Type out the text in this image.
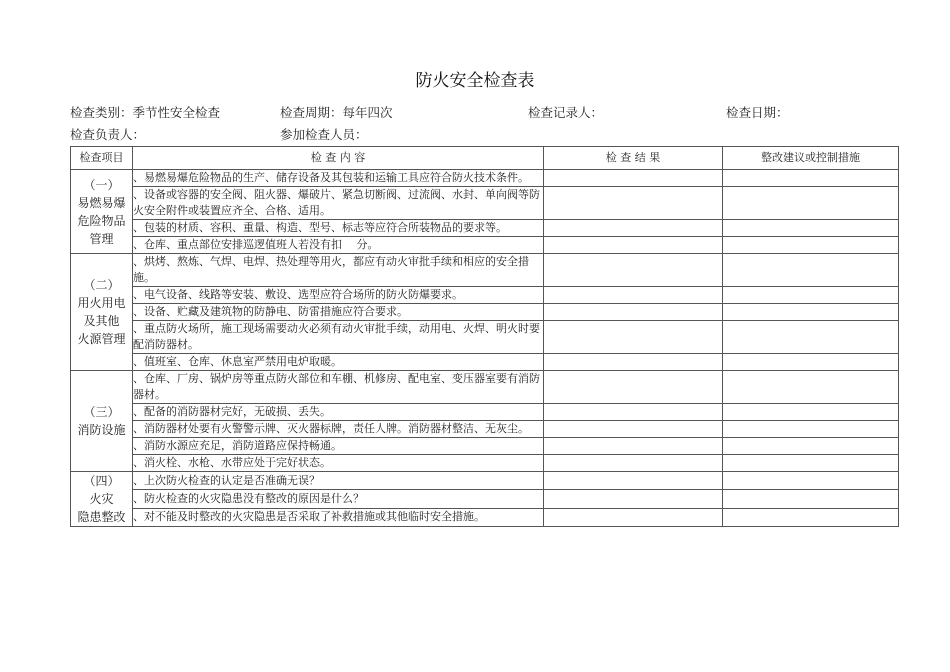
防火安全检查表
检查类别：季节性安全检查	检查周期：每年四次	检查记录人：	检查日期：
检查负责人：	参加检查人员：
检查项目	检 查 内 容	检 查 结 果	整改建议或控制措施

（一）
易燃易爆
危险物品
管理	、易燃易爆危险物品的生产、储存设备及其包装和运输工具应符合防火技术条件。		
	、设备或容器的安全阀、阻火器、爆破片、紧急切断阀、过流阀、水封、单向阀等防火安全附件或装置应齐全、合格、适用。		
	、包装的材质、容积、重量、构造、型号、标志等应符合所装物品的要求等。		
	、仓库、重点部位安排巡逻值班人若没有扣　 分。		

（二）
用火用电
及其他
火源管理	、烘烤、熬炼、气焊、电焊、热处理等用火，都应有动火审批手续和相应的安全措施。		
	、电气设备、线路等安装、敷设、选型应符合场所的防火防爆要求。		
	、设备、贮藏及建筑物的防静电、防雷措施应符合要求。		
	、重点防火场所，施工现场需要动火必须有动火审批手续，动用电、火焊、明火时要配消防器材。		
	、值班室、仓库、休息室严禁用电炉取暖。		

（三）
消防设施	、仓库、厂房、锅炉房等重点防火部位和车棚、机修房、配电室、变压器室要有消防器材。		
	、配备的消防器材完好，无破损、丢失。		
	、消防器材处要有火警警示牌、灭火器标牌，责任人牌。消防器材整洁、无灰尘。		
	、消防水源应充足，消防道路应保持畅通。		
	、消火栓、水枪、水带应处于完好状态。		

（四）
火灾
隐患整改	、上次防火检查的认定是否准确无误？		
	、防火检查的火灾隐患没有整改的原因是什么？		
	、对不能及时整改的火灾隐患是否采取了补救措施或其他临时安全措施。		
